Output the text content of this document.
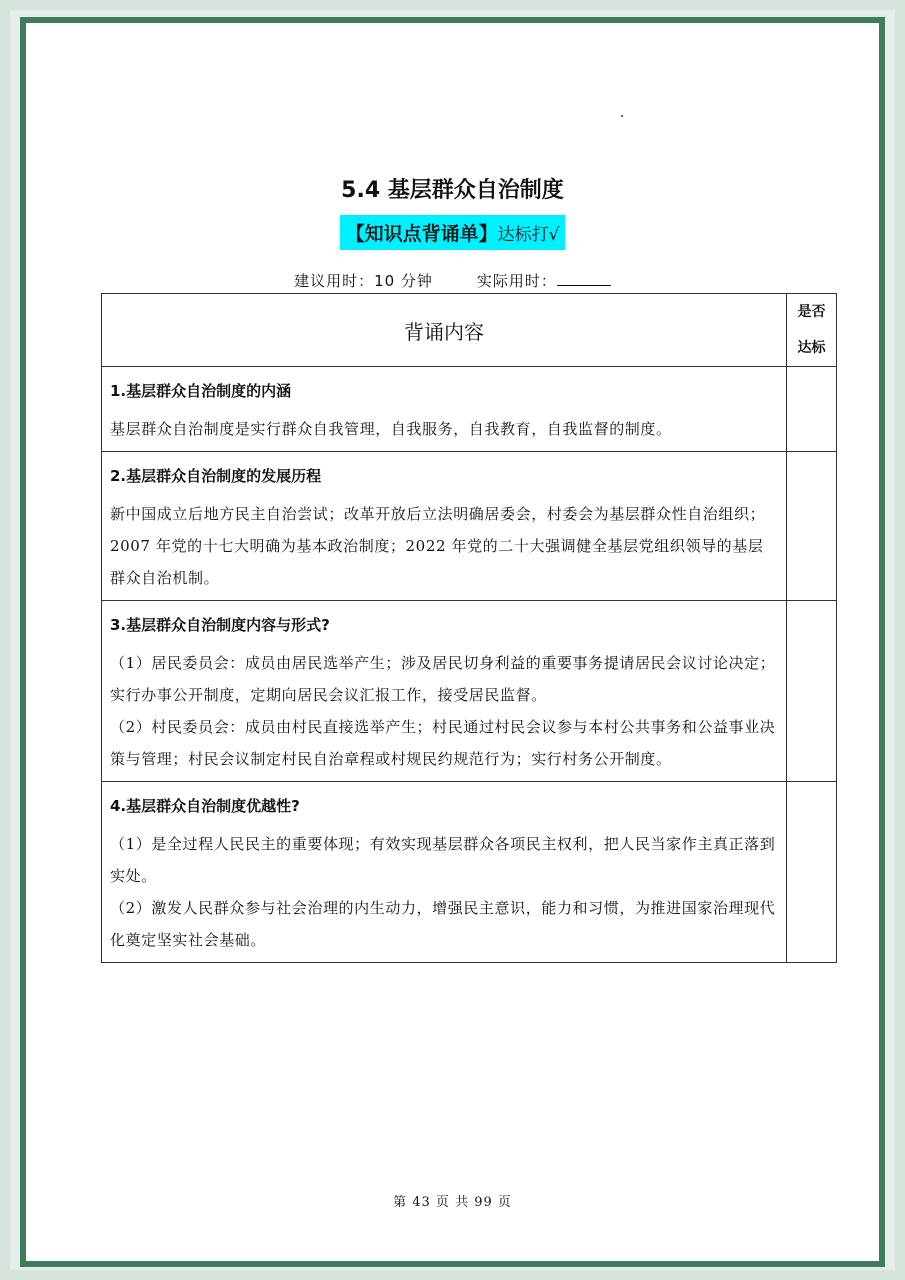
5.4 基层群众自治制度
【知识点背诵单】达标打√
建议用时：10 分钟	实际用时：
背诵内容	是否
达标

1.基层群众自治制度的内涵
基层群众自治制度是实行群众自我管理，自我服务，自我教育，自我监督的制度。	

2.基层群众自治制度的发展历程
新中国成立后地方民主自治尝试；改革开放后立法明确居委会，村委会为基层群众性自治组织；2007 年党的十七大明确为基本政治制度；2022 年党的二十大强调健全基层党组织领导的基层群众自治机制。	

3.基层群众自治制度内容与形式?
（1）居民委员会：成员由居民选举产生；涉及居民切身利益的重要事务提请居民会议讨论决定；实行办事公开制度，定期向居民会议汇报工作，接受居民监督。
（2）村民委员会：成员由村民直接选举产生；村民通过村民会议参与本村公共事务和公益事业决策与管理；村民会议制定村民自治章程或村规民约规范行为；实行村务公开制度。	

4.基层群众自治制度优越性?
（1）是全过程人民民主的重要体现；有效实现基层群众各项民主权利，把人民当家作主真正落到实处。
（2）激发人民群众参与社会治理的内生动力，增强民主意识，能力和习惯，为推进国家治理现代化奠定坚实社会基础。	

第 43 页 共 99 页
